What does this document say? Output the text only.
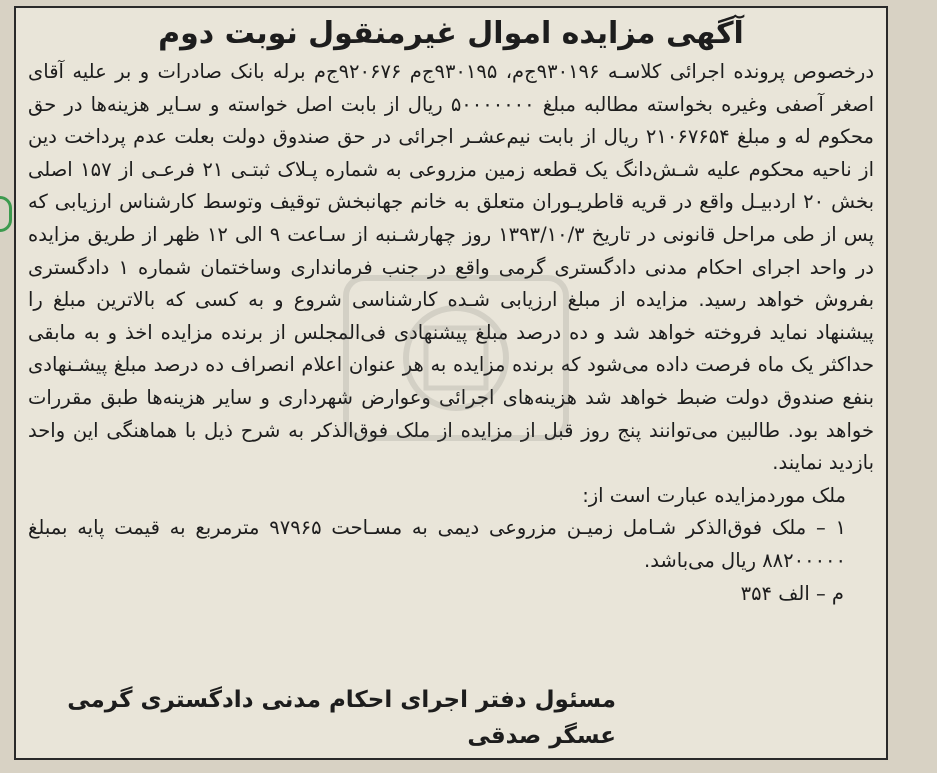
آگهی مزایده اموال غیرمنقول نوبت دوم

درخصوص پرونده اجرائی کلاسـه ۹۳۰۱۹۶ج‌م، ۹۳۰۱۹۵ج‌م ۹۲۰۶۷۶ج‌م برله بانک صادرات و بر علیه آقای اصغر آصفی وغیره بخواسته مطالبه مبلغ ۵۰۰۰۰۰۰۰ ریال از بابت اصل خواسته و سـایر هزینه‌ها در حق محکوم له و مبلغ ۲۱۰۶۷۶۵۴ ریال از بابت نیم‌عشـر اجرائی در حق صندوق دولت بعلت عدم پرداخت دین از ناحیه محکوم علیه شـش‌دانگ یک قطعه زمین مزروعی به شماره پـلاک ثبتـی ۲۱ فرعـی از ۱۵۷ اصلی بخش ۲۰ اردبیـل واقع در قریه قاطریـوران متعلق به خانم جهانبخش توقیف وتوسط کارشناس ارزیابی که پس از طی مراحل قانونی در تاریخ ۱۳۹۳/۱۰/۳ روز چهارشـنبه از سـاعت ۹ الی ۱۲ ظهر از طریق مزایده در واحد اجرای احکام مدنی دادگستری گرمی واقع در جنب فرمانداری وساختمان شماره ۱ دادگستری بفروش خواهد رسید. مزایده از مبلغ ارزیابی شـده کارشناسی شروع و به کسی که بالاترین مبلغ را پیشنهاد نماید فروخته خواهد شد و ده درصد مبلغ پیشنهادی فی‌المجلس از برنده مزایده اخذ و به مابقی حداکثر یک ماه فرصت داده می‌شود که برنده مزایده به هر عنوان اعلام انصراف ده درصد مبلغ پیشـنهادی بنفع صندوق دولت ضبط خواهد شد هزینه‌های اجرائی وعوارض شهرداری و سایر هزینه‌ها طبق مقررات خواهد بود. طالبین می‌توانند پنج روز قبل از مزایده از ملک فوق‌الذکر به شرح ذیل با هماهنگی این واحد بازدید نمایند.

ملک موردمزایده عبارت است از:

۱ – ملک فوق‌الذکر شـامل زمیـن مزروعی دیمی به مسـاحت ۹۷۹۶۵ مترمربع به قیمت پایه بمبلغ ۸۸۲۰۰۰۰۰ ریال می‌باشد.

م – الف ۳۵۴

مسئول دفتر اجرای احکام مدنی دادگستری گرمی
عسگر صدقی
